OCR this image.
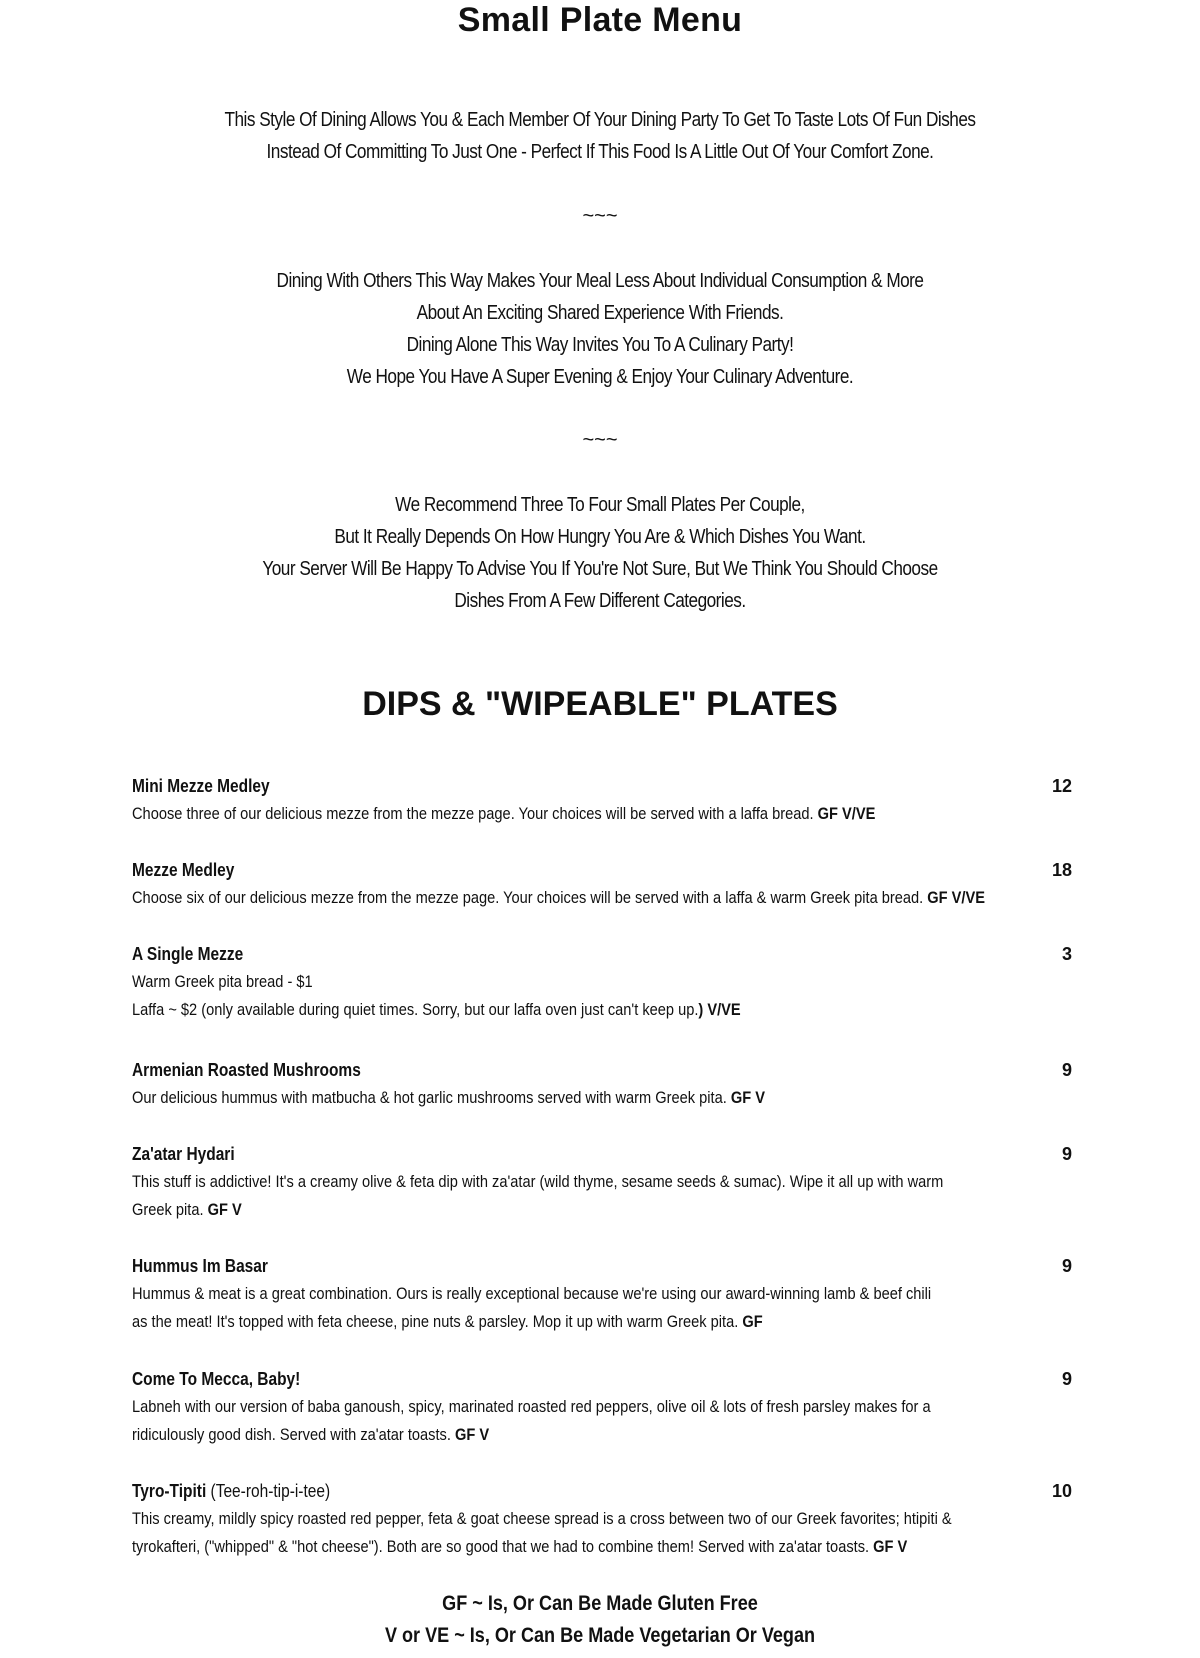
Small Plate Menu
This Style Of Dining Allows You & Each Member Of Your Dining Party To Get To Taste Lots Of Fun Dishes
Instead Of Committing To Just One - Perfect If This Food Is A Little Out Of Your Comfort Zone.
~~~
Dining With Others This Way Makes Your Meal Less About Individual Consumption & More
About An Exciting Shared Experience With Friends.
Dining Alone This Way Invites You To A Culinary Party!
We Hope You Have A Super Evening & Enjoy Your Culinary Adventure.
~~~
We Recommend Three To Four Small Plates Per Couple,
But It Really Depends On How Hungry You Are & Which Dishes You Want.
Your Server Will Be Happy To Advise You If You're Not Sure, But We Think You Should Choose
Dishes From A Few Different Categories.
DIPS & "WIPEABLE" PLATES
Mini Mezze Medley	12
Choose three of our delicious mezze from the mezze page. Your choices will be served with a laffa bread. GF V/VE
Mezze Medley	18
Choose six of our delicious mezze from the mezze page. Your choices will be served with a laffa & warm Greek pita bread. GF V/VE
A Single Mezze	3
Warm Greek pita bread - $1
Laffa ~ $2 (only available during quiet times. Sorry, but our laffa oven just can't keep up.) V/VE
Armenian Roasted Mushrooms	9
Our delicious hummus with matbucha & hot garlic mushrooms served with warm Greek pita. GF V
Za'atar Hydari	9
This stuff is addictive! It's a creamy olive & feta dip with za'atar (wild thyme, sesame seeds & sumac). Wipe it all up with warm
Greek pita. GF V
Hummus Im Basar	9
Hummus & meat is a great combination. Ours is really exceptional because we're using our award-winning lamb & beef chili
as the meat! It's topped with feta cheese, pine nuts & parsley. Mop it up with warm Greek pita. GF
Come To Mecca, Baby!	9
Labneh with our version of baba ganoush, spicy, marinated roasted red peppers, olive oil & lots of fresh parsley makes for a
ridiculously good dish. Served with za'atar toasts. GF V
Tyro-Tipiti (Tee-roh-tip-i-tee)	10
This creamy, mildly spicy roasted red pepper, feta & goat cheese spread is a cross between two of our Greek favorites; htipiti &
tyrokafteri, ("whipped" & "hot cheese"). Both are so good that we had to combine them! Served with za'atar toasts. GF V
GF ~ Is, Or Can Be Made Gluten Free
V or VE ~ Is, Or Can Be Made Vegetarian Or Vegan
